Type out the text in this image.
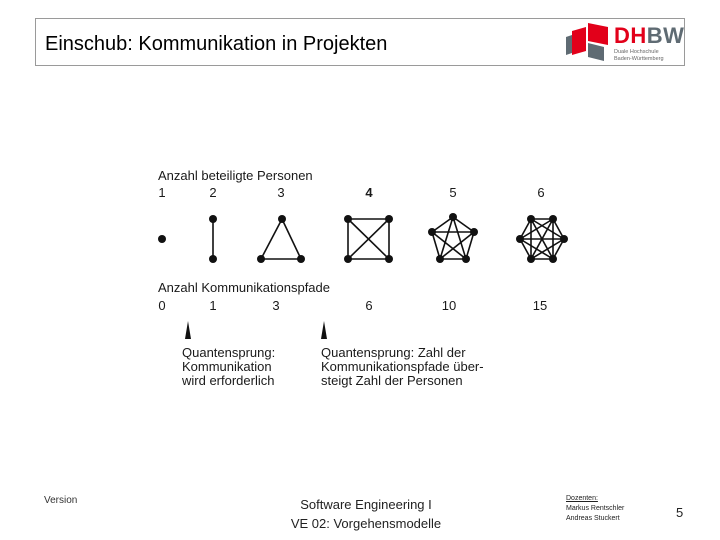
Einschub: Kommunikation in Projekten	DHBW
Duale Hochschule
Baden-Württemberg
Anzahl beteiligte Personen
1	2	3	4	5	6
Anzahl Kommunikationspfade
0	1	3	6	10	15
Quantensprung:
Kommunikation
wird erforderlich
Quantensprung: Zahl der
Kommunikationspfade über-
steigt Zahl der Personen
Version	Software Engineering I
VE 02: Vorgehensmodelle
Dozenten:
Markus Rentschler
Andreas Stuckert	5
